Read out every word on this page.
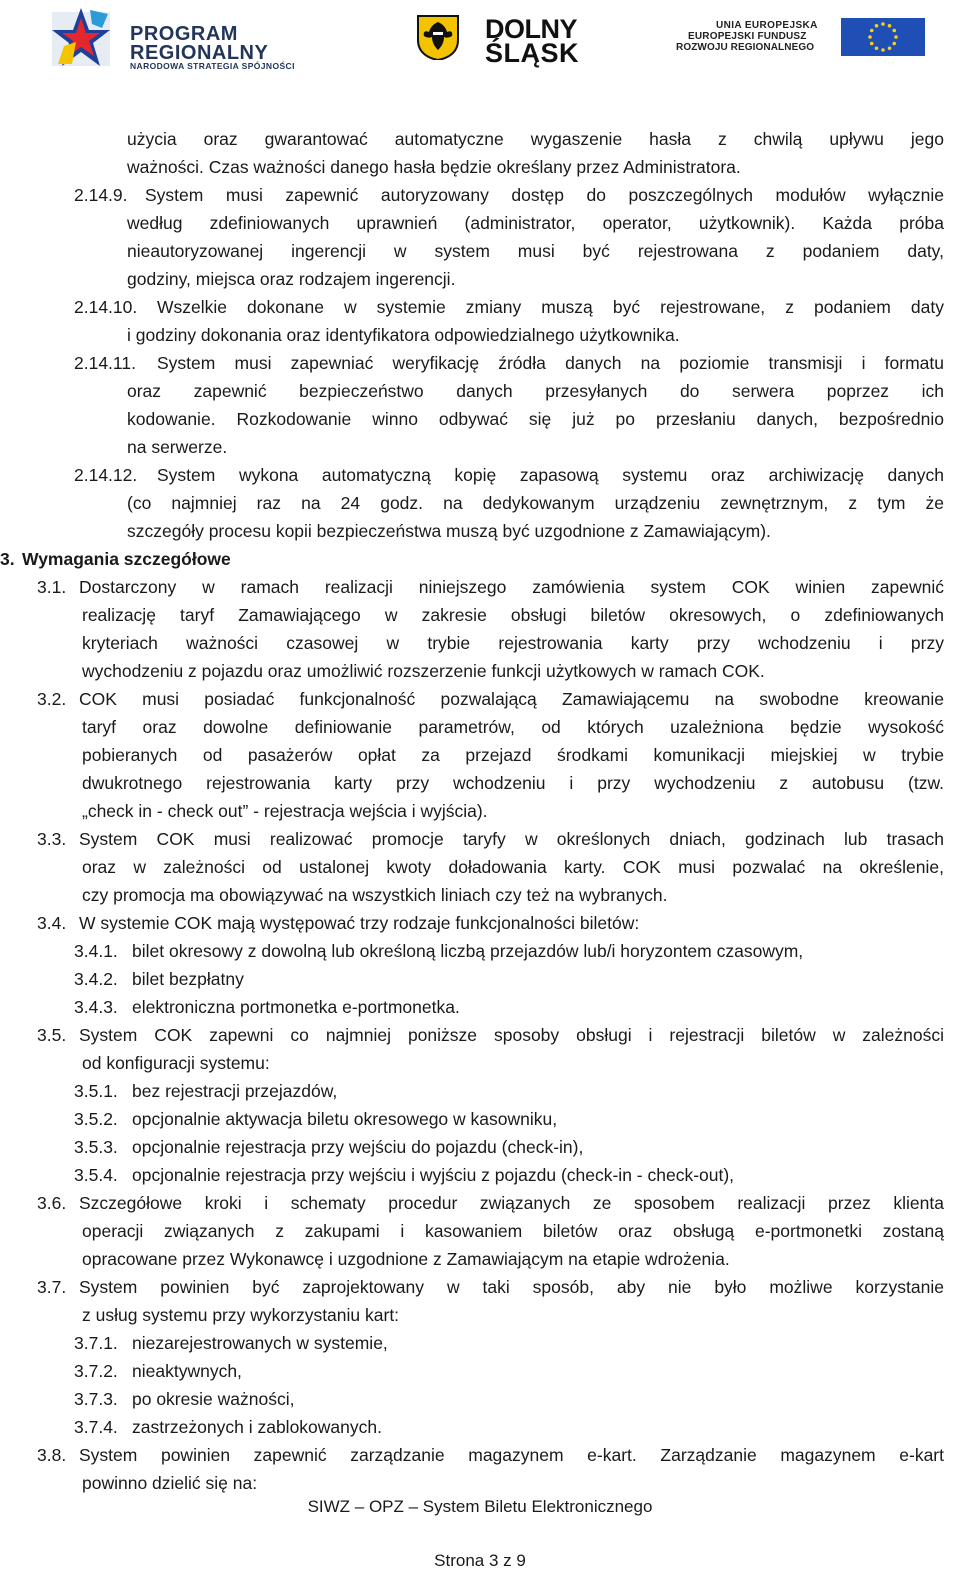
PROGRAM
REGIONALNY
NARODOWA STRATEGIA SPÓJNOŚCI
DOLNY
ŚLĄSK
UNIA EUROPEJSKA
EUROPEJSKI FUNDUSZ
ROZWOJU REGIONALNEGO
użycia oraz gwarantować automatyczne wygaszenie hasła z chwilą upływu jego
ważności. Czas ważności danego hasła będzie określany przez Administratora.
2.14.9. System musi zapewnić autoryzowany dostęp do poszczególnych modułów wyłącznie
według zdefiniowanych uprawnień (administrator, operator, użytkownik). Każda próba
nieautoryzowanej ingerencji w system musi być rejestrowana z podaniem daty,
godziny, miejsca oraz rodzajem ingerencji.
2.14.10. Wszelkie dokonane w systemie zmiany muszą być rejestrowane, z podaniem daty
i godziny dokonania oraz identyfikatora odpowiedzialnego użytkownika.
2.14.11. System musi zapewniać weryfikację źródła danych na poziomie transmisji i formatu
oraz zapewnić bezpieczeństwo danych przesyłanych do serwera poprzez ich
kodowanie. Rozkodowanie winno odbywać się już po przesłaniu danych, bezpośrednio
na serwerze.
2.14.12. System wykona automatyczną kopię zapasową systemu oraz archiwizację danych
(co najmniej raz na 24 godz. na dedykowanym urządzeniu zewnętrznym, z tym że
szczegóły procesu kopii bezpieczeństwa muszą być uzgodnione z Zamawiającym).
3. Wymagania szczegółowe
3.1. Dostarczony w ramach realizacji niniejszego zamówienia system COK winien zapewnić
realizację taryf Zamawiającego w zakresie obsługi biletów okresowych, o zdefiniowanych
kryteriach ważności czasowej w trybie rejestrowania karty przy wchodzeniu i przy
wychodzeniu z pojazdu oraz umożliwić rozszerzenie funkcji użytkowych w ramach COK.
3.2. COK musi posiadać funkcjonalność pozwalającą Zamawiającemu na swobodne kreowanie
taryf oraz dowolne definiowanie parametrów, od których uzależniona będzie wysokość
pobieranych od pasażerów opłat za przejazd środkami komunikacji miejskiej w trybie
dwukrotnego rejestrowania karty przy wchodzeniu i przy wychodzeniu z autobusu (tzw.
„check in - check out” - rejestracja wejścia i wyjścia).
3.3. System COK musi realizować promocje taryfy w określonych dniach, godzinach lub trasach
oraz w zależności od ustalonej kwoty doładowania karty. COK musi pozwalać na określenie,
czy promocja ma obowiązywać na wszystkich liniach czy też na wybranych.
3.4. W systemie COK mają występować trzy rodzaje funkcjonalności biletów:
3.4.1. bilet okresowy z dowolną lub określoną liczbą przejazdów lub/i horyzontem czasowym,
3.4.2. bilet bezpłatny
3.4.3. elektroniczna portmonetka e-portmonetka.
3.5. System COK zapewni co najmniej poniższe sposoby obsługi i rejestracji biletów w zależności
od konfiguracji systemu:
3.5.1. bez rejestracji przejazdów,
3.5.2. opcjonalnie aktywacja biletu okresowego w kasowniku,
3.5.3. opcjonalnie rejestracja przy wejściu do pojazdu (check-in),
3.5.4. opcjonalnie rejestracja przy wejściu i wyjściu z pojazdu (check-in - check-out),
3.6. Szczegółowe kroki i schematy procedur związanych ze sposobem realizacji przez klienta
operacji związanych z zakupami i kasowaniem biletów oraz obsługą e-portmonetki zostaną
opracowane przez Wykonawcę i uzgodnione z Zamawiającym na etapie wdrożenia.
3.7. System powinien być zaprojektowany w taki sposób, aby nie było możliwe korzystanie
z usług systemu przy wykorzystaniu kart:
3.7.1. niezarejestrowanych w systemie,
3.7.2. nieaktywnych,
3.7.3. po okresie ważności,
3.7.4. zastrzeżonych i zablokowanych.
3.8. System powinien zapewnić zarządzanie magazynem e-kart. Zarządzanie magazynem e-kart
powinno dzielić się na:
SIWZ – OPZ – System Biletu Elektronicznego
Strona 3 z 9
